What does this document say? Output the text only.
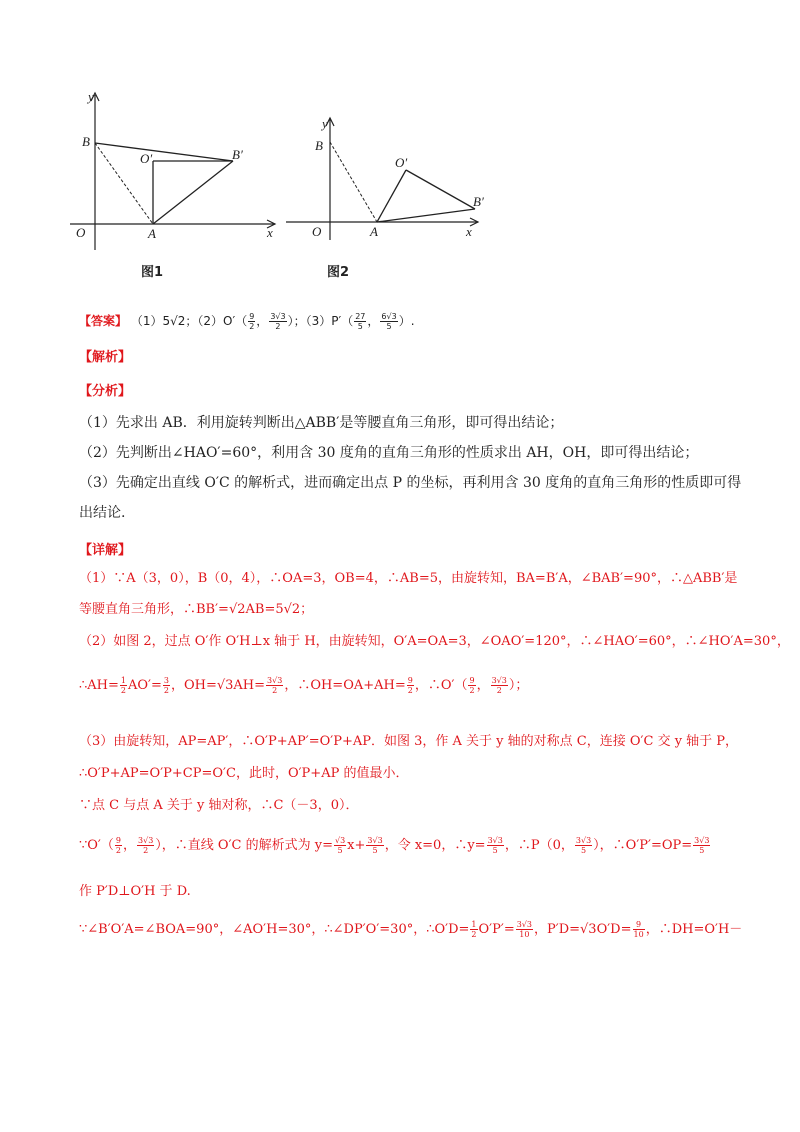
y
x
O	A
B
B′
O′
图1
y
x
O	A
B
B′
O′
图2
【答案】 （1）5√2；$(2)O'( \frac{9}{2}$ ， $\frac{3√3}{2}$ ）；$(3)P'( \frac{27}{5}$ ， $\frac{6√3}{5}$ ）.
【解析】
【分析】
（1）先求出 AB．利用旋转判断出△ABB′是等腰直角三角形，即可得出结论；
（2）先判断出∠HAO′=60°，利用含 30 度角的直角三角形的性质求出 AH，OH，即可得出结论；
（3）先确定出直线 O′C 的解析式，进而确定出点 P 的坐标，再利用含 30 度角的直角三角形的性质即可得
出结论.
【详解】
（1）∵A（3，0），B（0，4），∴OA=3，OB=4，∴AB=5，由旋转知，BA=B′A，∠BAB′=90°，∴△ABB′是
等腰直角三角形，∴BB′=√2AB=5√2；
（2）如图 2，过点 O′作 O′H⊥x 轴于 H，由旋转知，O′A=OA=3，∠OAO′=120°，∴∠HAO′=60°，∴∠HO′A=30°，
∴AH= $\frac{1}{2} AO'= \frac{3}{2}$ ，$OH=√3AH= \frac{3√3}{2}$ ，∴OH=OA+AH= $\frac{9}{2}$ ，∴O′（ $\frac{9}{2}$ ， $\frac{3√3}{2}$ ）；
（3）由旋转知，AP=AP′，∴O′P+AP′=O′P+AP．如图 3，作 A 关于 y 轴的对称点 C，连接 O′C 交 y 轴于 P，
∴O′P+AP=O′P+CP=O′C，此时，O′P+AP 的值最小．
∵点 C 与点 A 关于 y 轴对称，∴C（－3，0）．
∵O′（ $\frac{9}{2}$ ， $\frac{3√3}{2}$ ），∴直线 O′C 的解析式为 $y= \frac{√3}{5} x+ \frac{3√3}{5}$ ，令 x=0，∴y= $\frac{3√3}{5}$ ，∴P（0， $\frac{3√3}{5}$ ），∴O′P′=OP= $\frac{3√3}{5}$
作 P′D⊥O′H 于 D.
∵∠B′O′A=∠BOA=90°，∠AO′H=30°，∴∠DP′O′=30°，∴O′D= $\frac{1}{2} O'P'= \frac{3√3}{10}$ ，$P'D=√3O'D= \frac{9}{10}$ ，∴DH=O′H－
